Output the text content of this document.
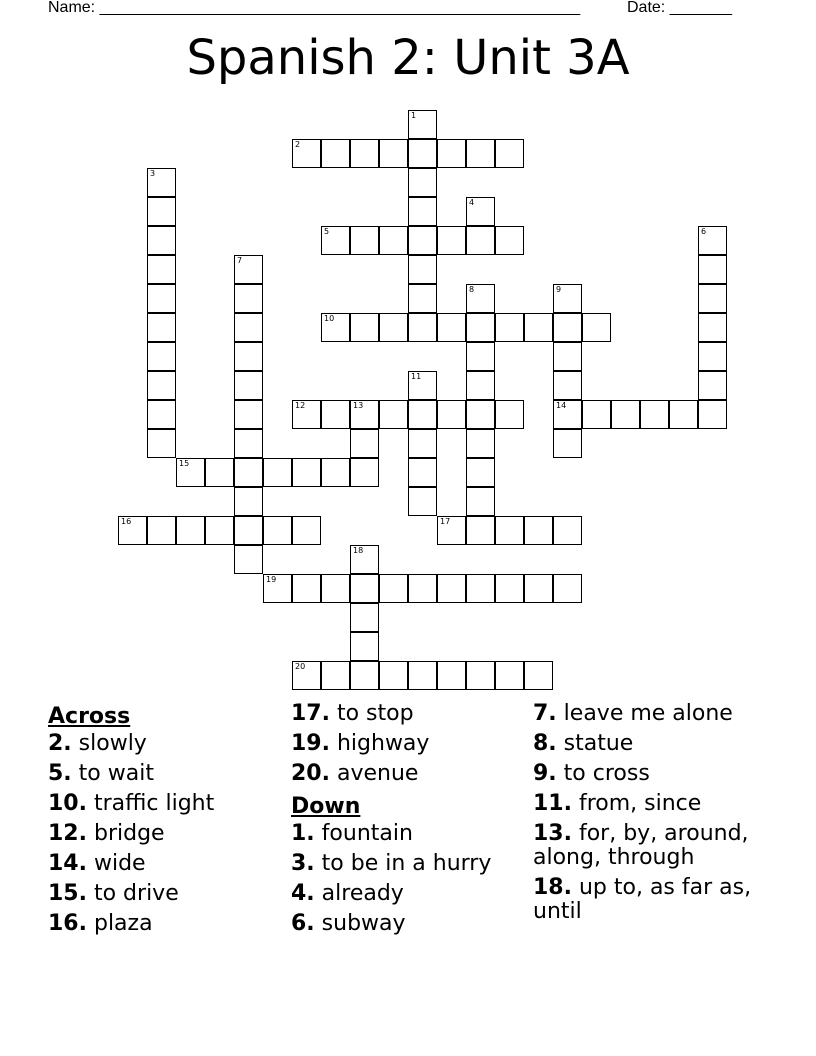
Name: ______________________________________________________	Date: _______
Spanish 2: Unit 3A
2
5
10
12	13	14
15
16	17
19
20
1
3
4
6
7
8	9
11
18
Across
2. slowly
5. to wait
10. traffic light
12. bridge
14. wide
15. to drive
16. plaza
17. to stop
19. highway
20. avenue
Down
1. fountain
3. to be in a hurry
4. already
6. subway
7. leave me alone
8. statue
9. to cross
11. from, since
13. for, by, around, along, through
18. up to, as far as, until
